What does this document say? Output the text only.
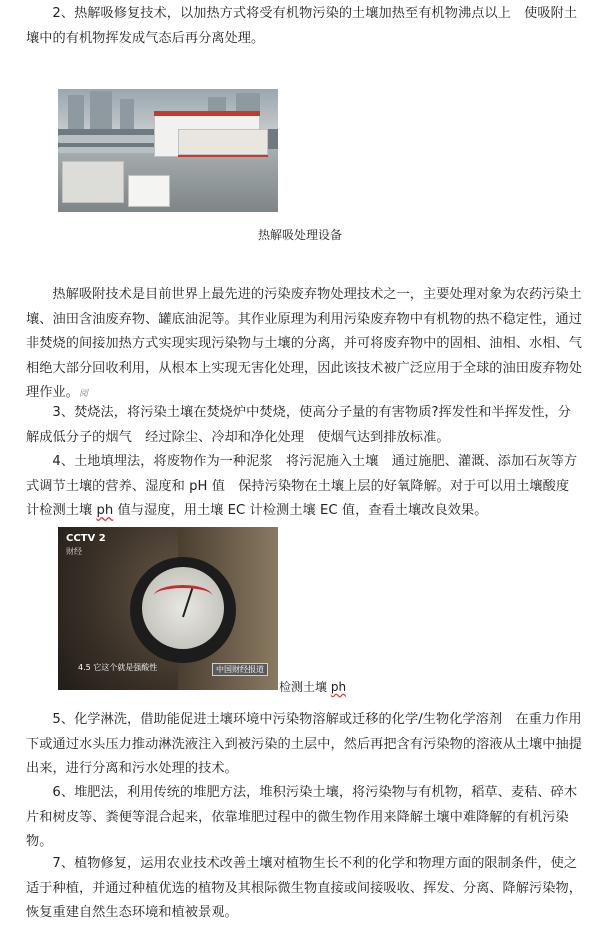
2、热解吸修复技术，以加热方式将受有机物污染的土壤加热至有机物沸点以上　使吸附土壤中的有机物挥发成气态后再分离处理。

热解吸处理设备

热解吸附技术是目前世界上最先进的污染废弃物处理技术之一，主要处理对象为农药污染土壤、油田含油废弃物、罐底油泥等。其作业原理为利用污染废弃物中有机物的热不稳定性，通过非焚烧的间接加热方式实现实现污染物与土壤的分离，并可将废弃物中的固相、油相、水相、气相绝大部分回收利用，从根本上实现无害化处理，因此该技术被广泛应用于全球的油田废弃物处理作业。阅

3、焚烧法，将污染土壤在焚烧炉中焚烧，使高分子量的有害物质?挥发性和半挥发性，分解成低分子的烟气　经过除尘、冷却和净化处理　使烟气达到排放标准。

4、土地填埋法，将废物作为一种泥浆　将污泥施入土壤　通过施肥、灌溉、添加石灰等方式调节土壤的营养、湿度和 pH 值　保持污染物在土壤上层的好氧降解。对于可以用土壤酸度计检测土壤 ph 值与湿度，用土壤 EC 计检测土壤 EC 值，查看土壤改良效果。

CCTV 2
财经
4.5 它这个就是强酸性	中国财经报道

检测土壤 ph

5、化学淋洗，借助能促进土壤环境中污染物溶解或迁移的化学/生物化学溶剂　在重力作用下或通过水头压力推动淋洗液注入到被污染的土层中，然后再把含有污染物的溶液从土壤中抽提出来，进行分离和污水处理的技术。

6、堆肥法，利用传统的堆肥方法，堆积污染土壤，将污染物与有机物，稻草、麦秸、碎木片和树皮等、粪便等混合起来，依靠堆肥过程中的微生物作用来降解土壤中难降解的有机污染物。

7、植物修复，运用农业技术改善土壤对植物生长不利的化学和物理方面的限制条件，使之适于种植，并通过种植优选的植物及其根际微生物直接或间接吸收、挥发、分离、降解污染物，恢复重建自然生态环境和植被景观。
